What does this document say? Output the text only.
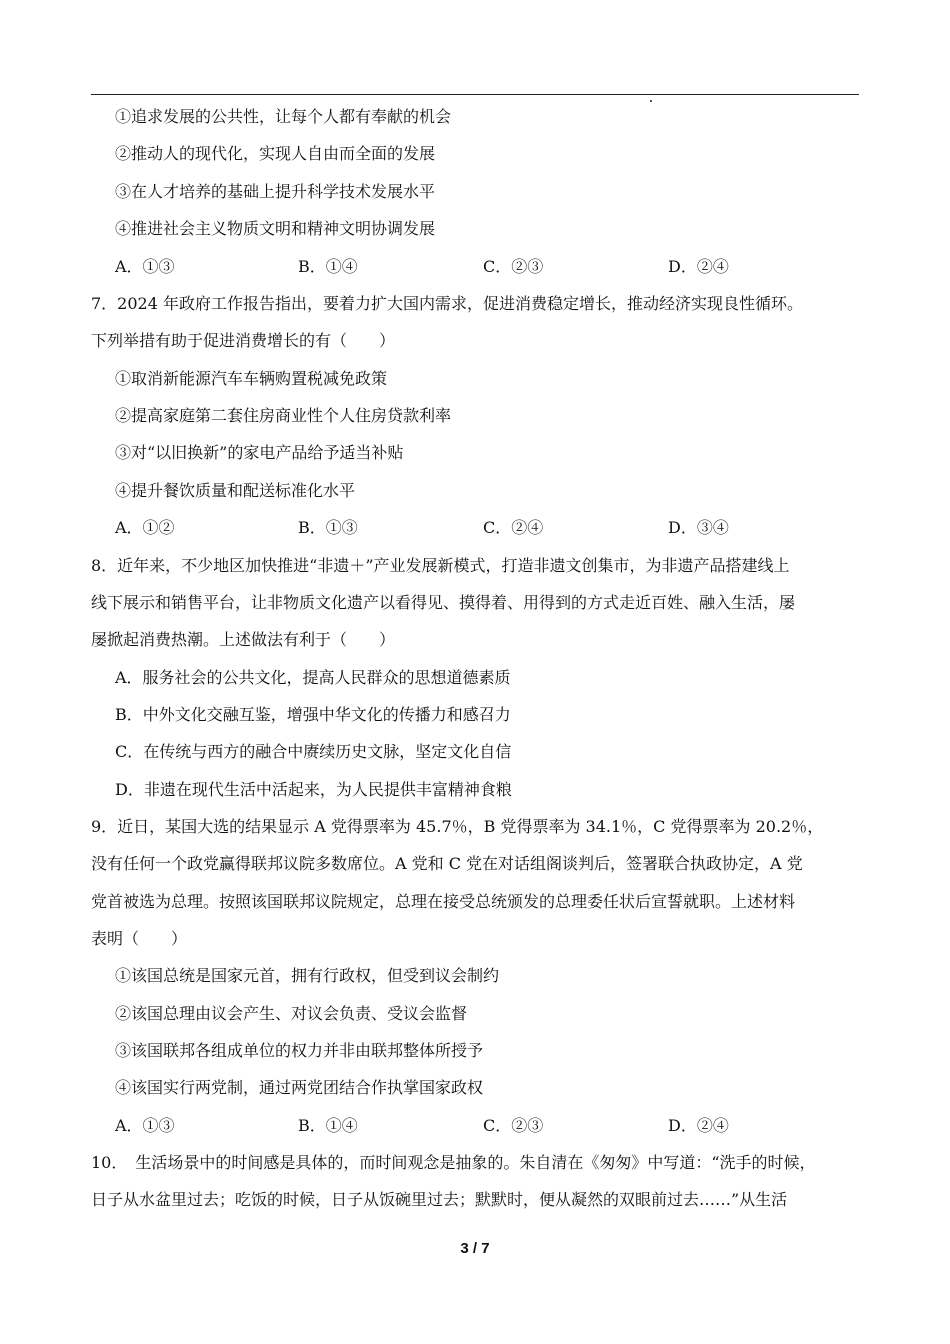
①追求发展的公共性，让每个人都有奉献的机会
②推动人的现代化，实现人自由而全面的发展
③在人才培养的基础上提升科学技术发展水平
④推进社会主义物质文明和精神文明协调发展
A．①③	B．①④	C．②③	D．②④
7．2024 年政府工作报告指出，要着力扩大国内需求，促进消费稳定增长，推动经济实现良性循环。
下列举措有助于促进消费增长的有（　　）
①取消新能源汽车车辆购置税减免政策
②提高家庭第二套住房商业性个人住房贷款利率
③对“以旧换新”的家电产品给予适当补贴
④提升餐饮质量和配送标准化水平
A．①②	B．①③	C．②④	D．③④
8．近年来，不少地区加快推进“非遗＋”产业发展新模式，打造非遗文创集市，为非遗产品搭建线上
线下展示和销售平台，让非物质文化遗产以看得见、摸得着、用得到的方式走近百姓、融入生活，屡
屡掀起消费热潮。上述做法有利于（　　）
A．服务社会的公共文化，提高人民群众的思想道德素质
B．中外文化交融互鉴，增强中华文化的传播力和感召力
C．在传统与西方的融合中赓续历史文脉，坚定文化自信
D．非遗在现代生活中活起来，为人民提供丰富精神食粮
9．近日，某国大选的结果显示 A 党得票率为 45.7％，B 党得票率为 34.1％，C 党得票率为 20.2％，
没有任何一个政党赢得联邦议院多数席位。A 党和 C 党在对话组阁谈判后，签署联合执政协定，A 党
党首被选为总理。按照该国联邦议院规定，总理在接受总统颁发的总理委任状后宣誓就职。上述材料
表明（　　）
①该国总统是国家元首，拥有行政权，但受到议会制约
②该国总理由议会产生、对议会负责、受议会监督
③该国联邦各组成单位的权力并非由联邦整体所授予
④该国实行两党制，通过两党团结合作执掌国家政权
A．①③	B．①④	C．②③	D．②④
10．　生活场景中的时间感是具体的，而时间观念是抽象的。朱自清在《匆匆》中写道：“洗手的时候，
日子从水盆里过去；吃饭的时候，日子从饭碗里过去；默默时，便从凝然的双眼前过去……”从生活
3 / 7
